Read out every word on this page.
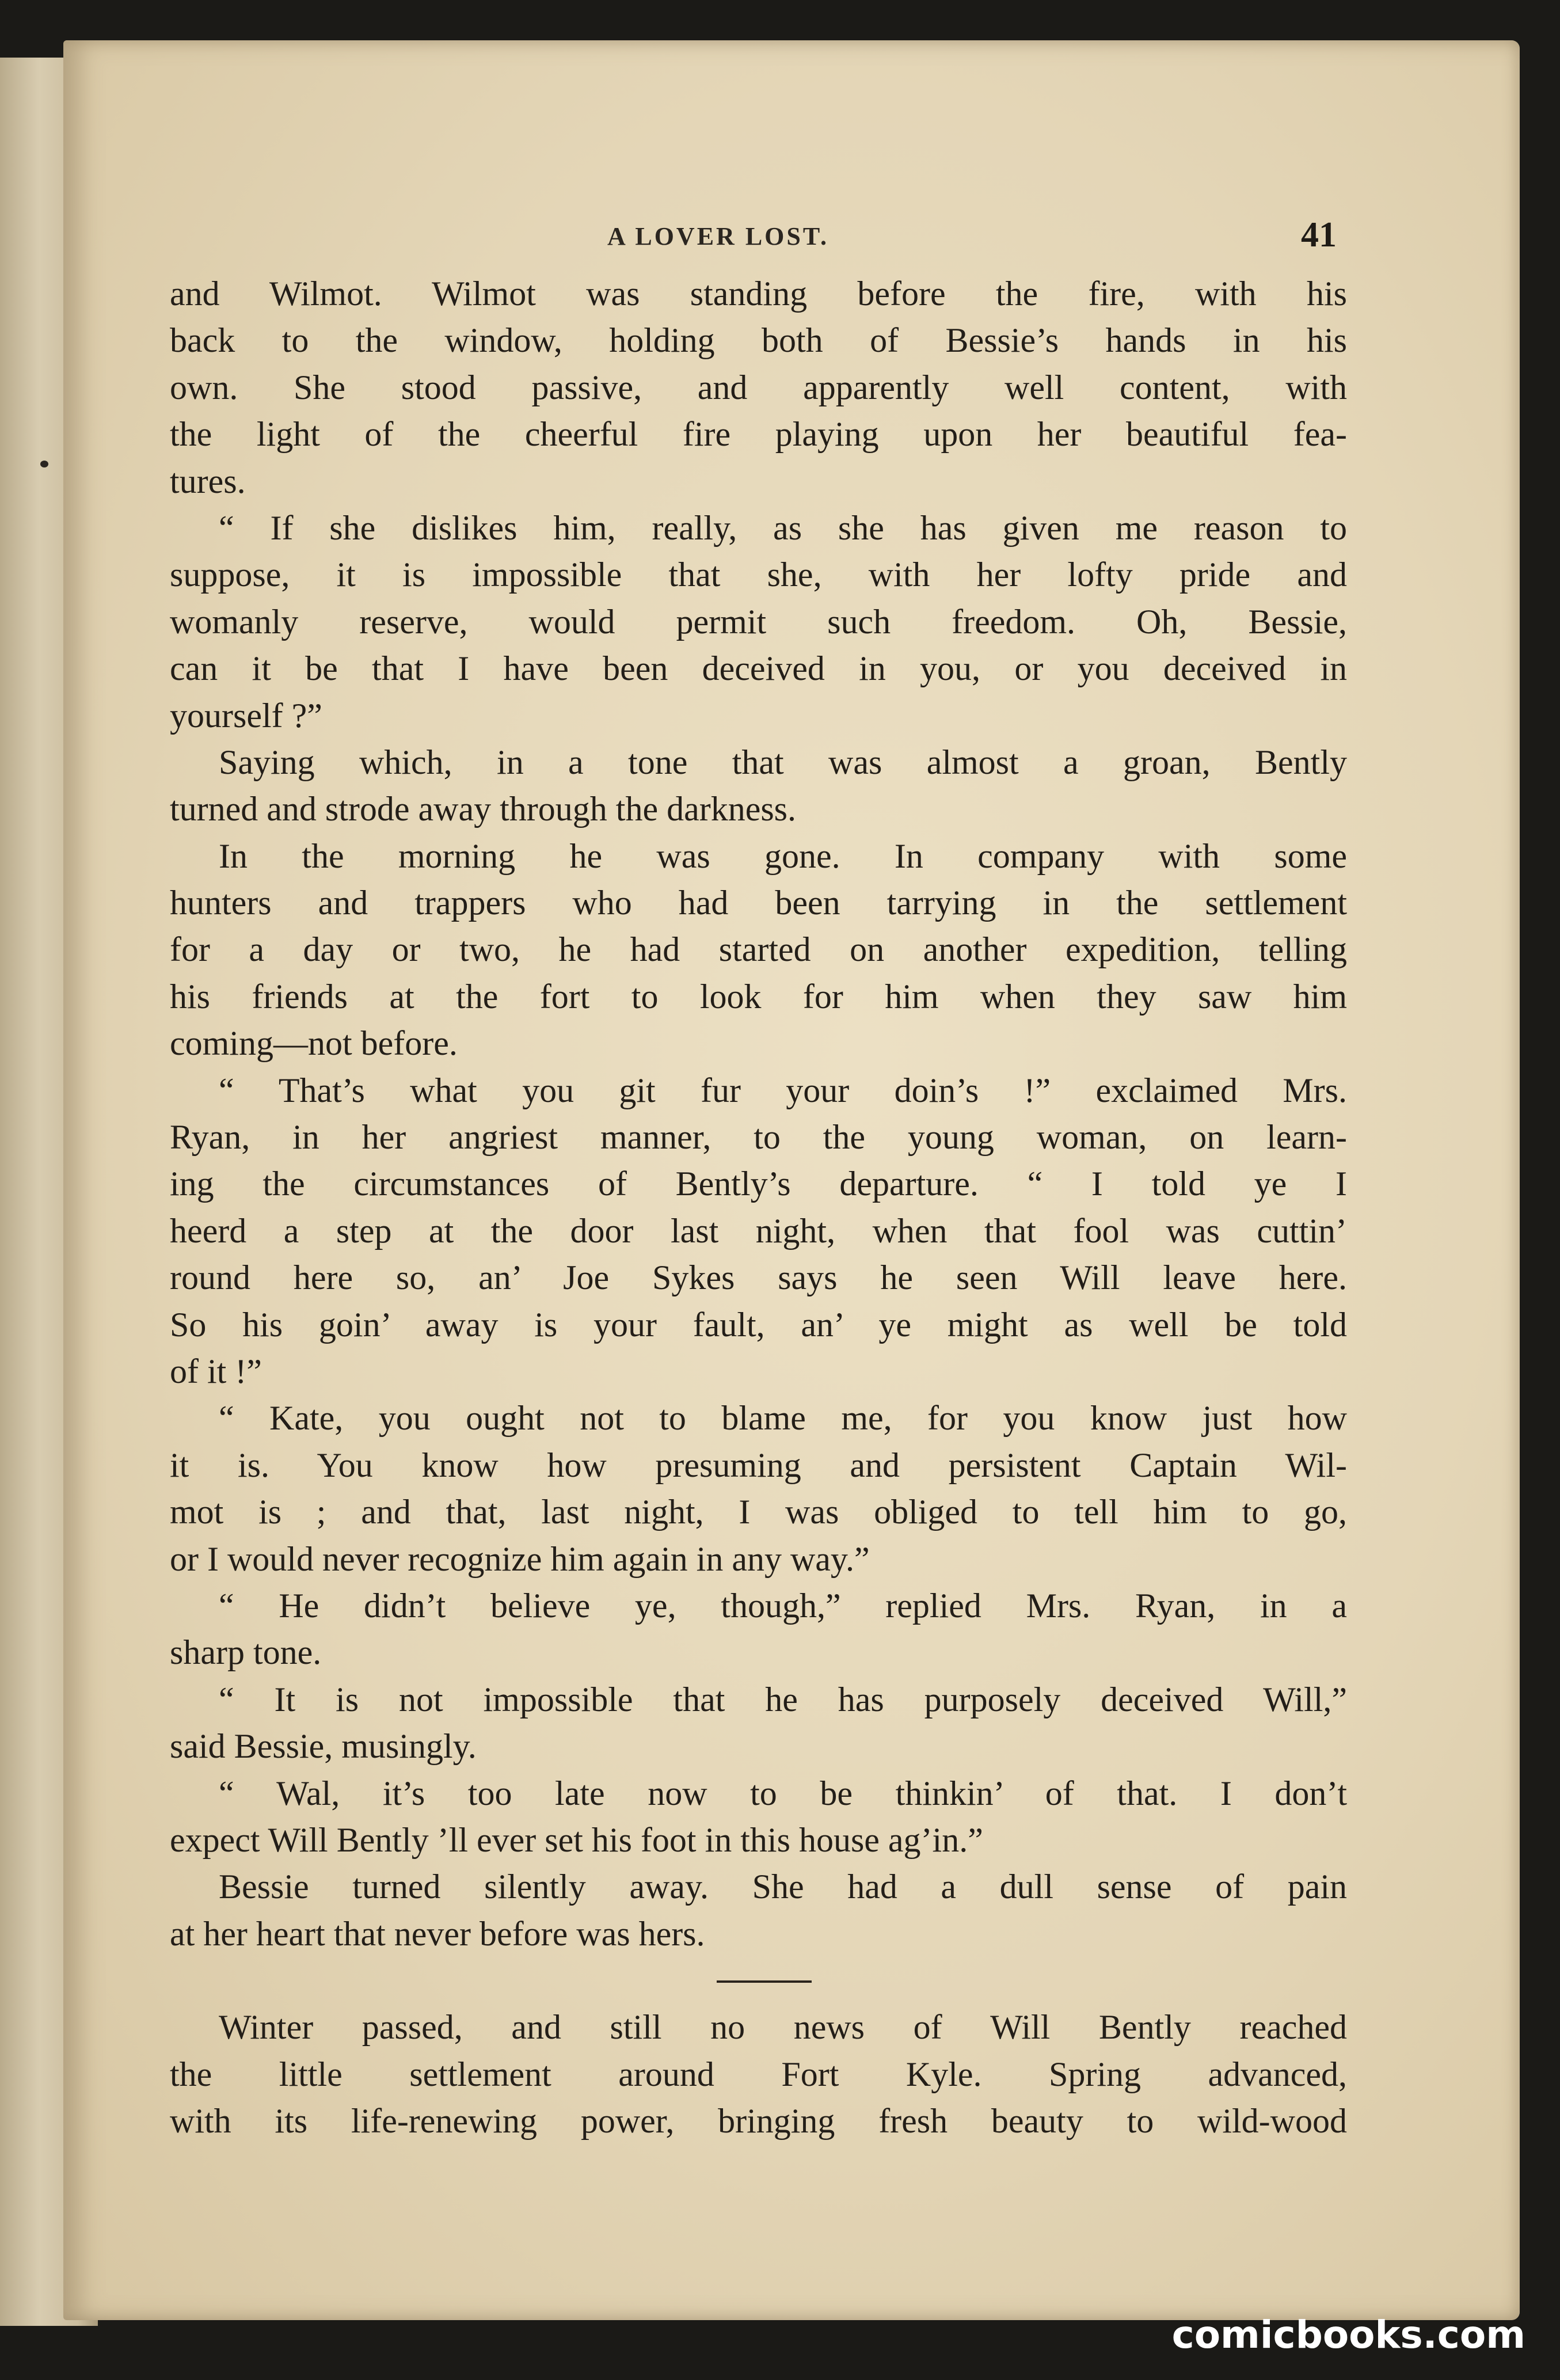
A LOVER LOST.	41
and Wilmot. Wilmot was standing before the fire, with his
back to the window, holding both of Bessie’s hands in his
own. She stood passive, and apparently well content, with
the light of the cheerful fire playing upon her beautiful fea-
tures.
“ If she dislikes him, really, as she has given me reason to
suppose, it is impossible that she, with her lofty pride and
womanly reserve, would permit such freedom. Oh, Bessie,
can it be that I have been deceived in you, or you deceived in
yourself ?”
Saying which, in a tone that was almost a groan, Bently
turned and strode away through the darkness.
In the morning he was gone. In company with some
hunters and trappers who had been tarrying in the settlement
for a day or two, he had started on another expedition, telling
his friends at the fort to look for him when they saw him
coming—not before.
“ That’s what you git fur your doin’s !” exclaimed Mrs.
Ryan, in her angriest manner, to the young woman, on learn-
ing the circumstances of Bently’s departure. “ I told ye I
heerd a step at the door last night, when that fool was cuttin’
round here so, an’ Joe Sykes says he seen Will leave here.
So his goin’ away is your fault, an’ ye might as well be told
of it !”
“ Kate, you ought not to blame me, for you know just how
it is. You know how presuming and persistent Captain Wil-
mot is ; and that, last night, I was obliged to tell him to go,
or I would never recognize him again in any way.”
“ He didn’t believe ye, though,” replied Mrs. Ryan, in a
sharp tone.
“ It is not impossible that he has purposely deceived Will,”
said Bessie, musingly.
“ Wal, it’s too late now to be thinkin’ of that. I don’t
expect Will Bently ’ll ever set his foot in this house ag’in.”
Bessie turned silently away. She had a dull sense of pain
at her heart that never before was hers.
Winter passed, and still no news of Will Bently reached
the little settlement around Fort Kyle. Spring advanced,
with its life-renewing power, bringing fresh beauty to wild-wood
comicbooks.com
